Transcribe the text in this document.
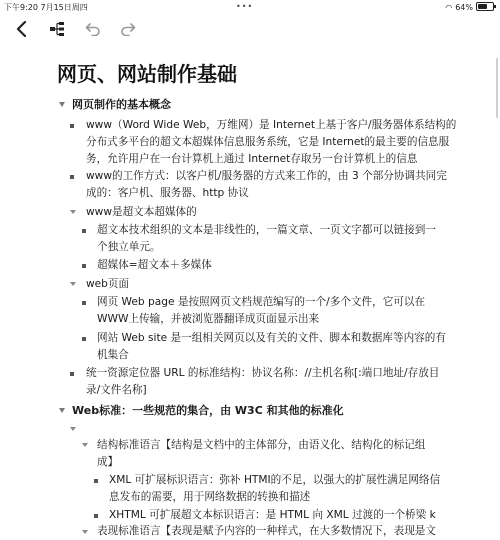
下午9:20 7月15日周四	•••	◠ 64%
网页、网站制作基础
网页制作的基本概念
www（Word Wide Web，万维网）是 Internet上基于客户/服务器体系结构的
分布式多平台的超文本超媒体信息服务系统，它是 Internet的最主要的信息服
务，允许用户在一台计算机上通过 Internet存取另一台计算机上的信息
www的工作方式：以客户机/服务器的方式来工作的，由 3 个部分协调共同完
成的：客户机、服务器、http 协议
www是超文本超媒体的
超文本技术组织的文本是非线性的，一篇文章、一页文字都可以链接到一
个独立单元。
超媒体=超文本＋多媒体
web页面
网页 Web page 是按照网页文档规范编写的一个/多个文件，它可以在
WWW上传输，并被浏览器翻译成页面显示出来
网站 Web site 是一组相关网页以及有关的文件、脚本和数据库等内容的有
机集合
统一资源定位器 URL 的标准结构：协议名称：//主机名称[:端口地址/存放目
录/文件名称]
Web标准：一些规范的集合，由 W3C 和其他的标准化
结构标准语言【结构是文档中的主体部分，由语义化、结构化的标记组
成】
XML 可扩展标识语言：弥补 HTMI的不足，以强大的扩展性满足网络信
息发布的需要，用于网络数据的转换和描述
XHTML 可扩展超文本标识语言：是 HTML 向 XML 过渡的一个桥梁 k
表现标准语言【表现是赋予内容的一种样式，在大多数情况下，表现是文
